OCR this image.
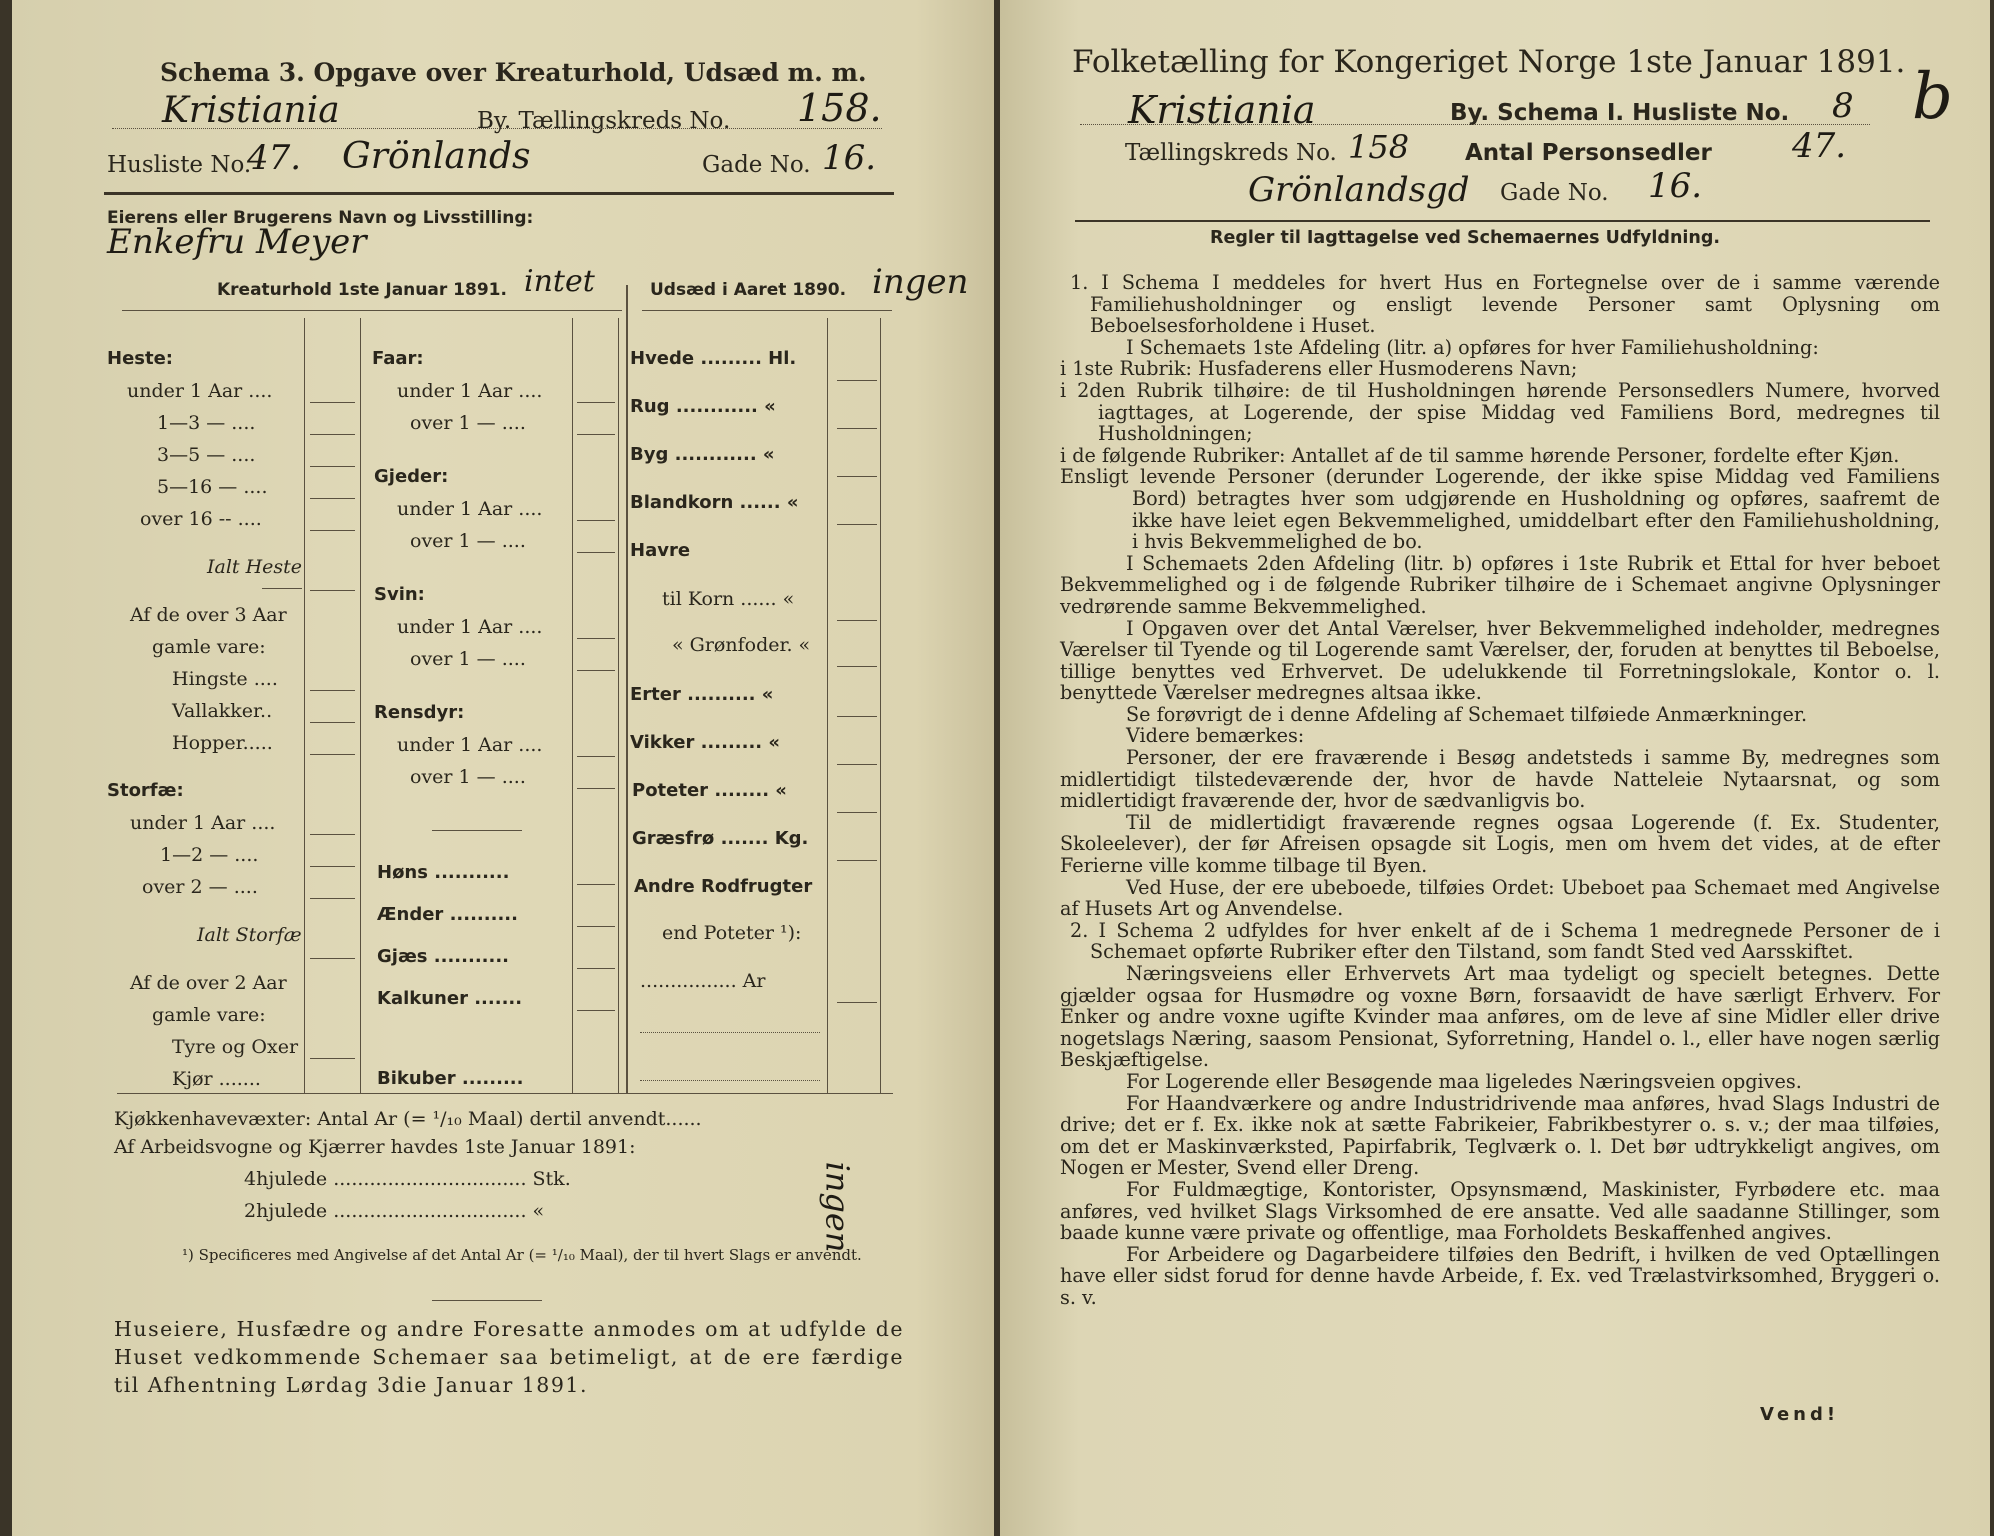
Schema 3. Opgave over Kreaturhold, Udsæd m. m.
Kristiania	By. Tællingskreds No. 158.
Husliste No.
47. Grönlands	Gade No. 16.
Eierens eller Brugerens Navn og Livsstilling:
Enkefru Meyer
Kreaturhold 1ste Januar 1891. intet	Udsæd i Aaret 1890. ingen
Heste:
under 1 Aar ....
1—3 — ....
3—5 — ....
5—16 — ....
over 16 -- ....
Ialt Heste
Af de over 3 Aar
gamle vare:
Hingste ....
Vallakker..
Hopper.....
Storfæ:
under 1 Aar ....
1—2 — ....
over 2 — ....
Ialt Storfæ
Af de over 2 Aar
gamle vare:
Tyre og Oxer
Kjør .......
Faar:
under 1 Aar ....
over 1 — ....
Gjeder:
under 1 Aar ....
over 1 — ....
Svin:
under 1 Aar ....
over 1 — ....
Rensdyr:
under 1 Aar ....
over 1 — ....
Høns ...........
Ænder ..........
Gjæs ...........
Kalkuner .......
Bikuber .........
Hvede ......... Hl.
Rug ............ «
Byg ............ «
Blandkorn ...... «
Havre
til Korn ...... «
« Grønfoder. «
Erter .......... «
Vikker ......... «
Poteter ........ «
Græsfrø ....... Kg.
Andre Rodfrugter
end Poteter ¹):
................ Ar
Kjøkkenhavevæxter: Antal Ar (= ¹/₁₀ Maal) dertil anvendt......
Af Arbeidsvogne og Kjærrer havdes 1ste Januar 1891:
4hjulede ................................ Stk.
2hjulede ................................ «	ingen
¹) Specificeres med Angivelse af det Antal Ar (= ¹/₁₀ Maal), der til hvert Slags er anvendt.
Huseiere, Husfædre og andre Foresatte anmodes om at udfylde de Huset vedkommende Schemaer saa betimeligt, at de ere færdige til Afhentning Lørdag 3die Januar 1891.
Folketælling for Kongeriget Norge 1ste Januar 1891.
Kristiania	By. Schema I. Husliste No. 8 b
Tællingskreds No. 158 Antal Personsedler 47.
Grönlandsgd Gade No. 16.
Regler til Iagttagelse ved Schemaernes Udfyldning.

1. I Schema I meddeles for hvert Hus en Fortegnelse over de i samme værende Familiehusholdninger og ensligt levende Personer samt Oplysning om Beboelsesforholdene i Huset.

I Schemaets 1ste Afdeling (litr. a) opføres for hver Familiehusholdning:

i 1ste Rubrik: Husfaderens eller Husmoderens Navn;

i 2den Rubrik tilhøire: de til Husholdningen hørende Personsedlers Numere, hvorved iagttages, at Logerende, der spise Middag ved Familiens Bord, medregnes til Husholdningen;

i de følgende Rubriker: Antallet af de til samme hørende Personer, fordelte efter Kjøn.

Ensligt levende Personer (derunder Logerende, der ikke spise Middag ved Familiens Bord) betragtes hver som udgjørende en Husholdning og opføres, saafremt de ikke have leiet egen Bekvemmelighed, umiddelbart efter den Familiehusholdning, i hvis Bekvemmelighed de bo.

I Schemaets 2den Afdeling (litr. b) opføres i 1ste Rubrik et Ettal for hver beboet Bekvemmelighed og i de følgende Rubriker tilhøire de i Schemaet angivne Oplysninger vedrørende samme Bekvemmelighed.

I Opgaven over det Antal Værelser, hver Bekvemmelighed indeholder, medregnes Værelser til Tyende og til Logerende samt Værelser, der, foruden at benyttes til Beboelse, tillige benyttes ved Erhvervet. De udelukkende til Forretningslokale, Kontor o. l. benyttede Værelser medregnes altsaa ikke.

Se forøvrigt de i denne Afdeling af Schemaet tilføiede Anmærkninger.

Videre bemærkes:

Personer, der ere fraværende i Besøg andetsteds i samme By, medregnes som midlertidigt tilstedeværende der, hvor de havde Natteleie Nytaarsnat, og som midlertidigt fraværende der, hvor de sædvanligvis bo.

Til de midlertidigt fraværende regnes ogsaa Logerende (f. Ex. Studenter, Skoleelever), der før Afreisen opsagde sit Logis, men om hvem det vides, at de efter Ferierne ville komme tilbage til Byen.

Ved Huse, der ere ubeboede, tilføies Ordet: Ubeboet paa Schemaet med Angivelse af Husets Art og Anvendelse.

2. I Schema 2 udfyldes for hver enkelt af de i Schema 1 medregnede Personer de i Schemaet opførte Rubriker efter den Tilstand, som fandt Sted ved Aarsskiftet.

Næringsveiens eller Erhvervets Art maa tydeligt og specielt betegnes. Dette gjælder ogsaa for Husmødre og voxne Børn, forsaavidt de have særligt Erhverv. For Enker og andre voxne ugifte Kvinder maa anføres, om de leve af sine Midler eller drive nogetslags Næring, saasom Pensionat, Syforretning, Handel o. l., eller have nogen særlig Beskjæftigelse.

For Logerende eller Besøgende maa ligeledes Næringsveien opgives.

For Haandværkere og andre Industridrivende maa anføres, hvad Slags Industri de drive; det er f. Ex. ikke nok at sætte Fabrikeier, Fabrikbestyrer o. s. v.; der maa tilføies, om det er Maskinværksted, Papirfabrik, Teglværk o. l. Det bør udtrykkeligt angives, om Nogen er Mester, Svend eller Dreng.

For Fuldmægtige, Kontorister, Opsynsmænd, Maskinister, Fyrbødere etc. maa anføres, ved hvilket Slags Virksomhed de ere ansatte. Ved alle saadanne Stillinger, som baade kunne være private og offentlige, maa Forholdets Beskaffenhed angives.

For Arbeidere og Dagarbeidere tilføies den Bedrift, i hvilken de ved Optællingen have eller sidst forud for denne havde Arbeide, f. Ex. ved Trælastvirksomhed, Bryggeri o. s. v.

Vend!
